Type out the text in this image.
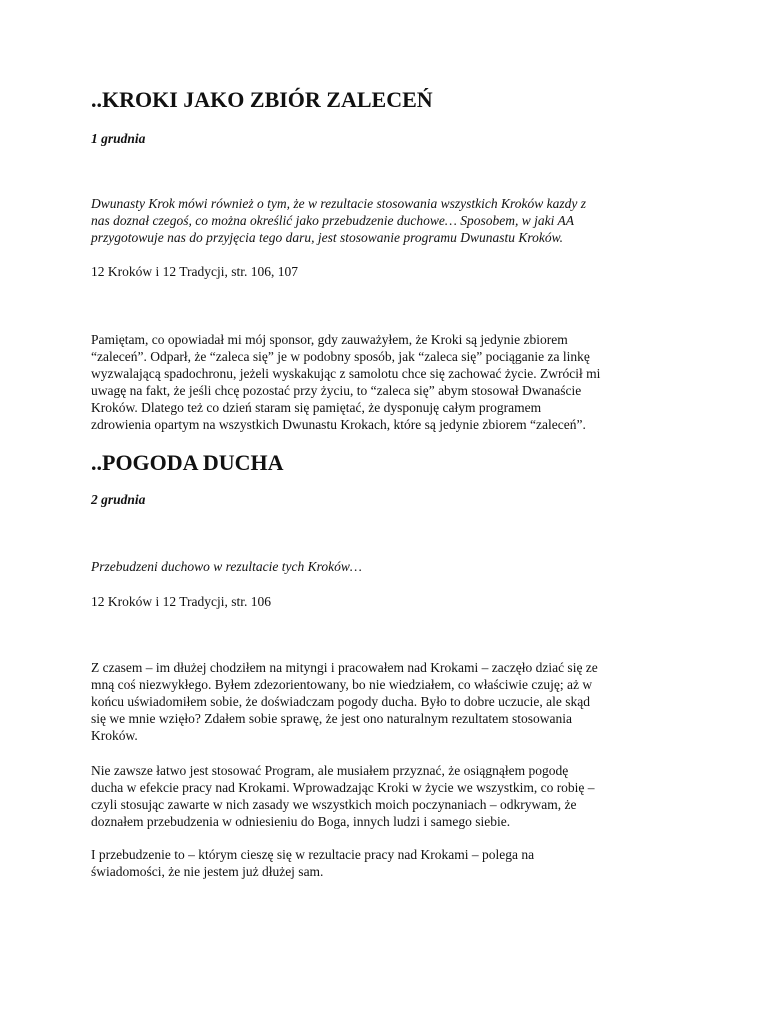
..KROKI JAKO ZBIÓR ZALECEŃ

1 grudnia

Dwunasty Krok mówi również o tym, że w rezultacie stosowania wszystkich Kroków kazdy z

nas doznał czegoś, co można określić jako przebudzenie duchowe… Sposobem, w jaki AA

przygotowuje nas do przyjęcia tego daru, jest stosowanie programu Dwunastu Kroków.

12 Kroków i 12 Tradycji, str. 106, 107

Pamiętam, co opowiadał mi mój sponsor, gdy zauważyłem, że Kroki są jedynie zbiorem

“zaleceń”. Odparł, że “zaleca się” je w podobny sposób, jak “zaleca się” pociąganie za linkę

wyzwalającą spadochronu, jeżeli wyskakując z samolotu chce się zachować życie. Zwrócił mi

uwagę na fakt, że jeśli chcę pozostać przy życiu, to “zaleca się” abym stosował Dwanaście

Kroków. Dlatego też co dzień staram się pamiętać, że dysponuję całym programem

zdrowienia opartym na wszystkich Dwunastu Krokach, które są jedynie zbiorem “zaleceń”.

..POGODA DUCHA

2 grudnia

Przebudzeni duchowo w rezultacie tych Kroków…

12 Kroków i 12 Tradycji, str. 106

Z czasem – im dłużej chodziłem na mityngi i pracowałem nad Krokami – zaczęło dziać się ze

mną coś niezwykłego. Byłem zdezorientowany, bo nie wiedziałem, co właściwie czuję; aż w

końcu uświadomiłem sobie, że doświadczam pogody ducha. Było to dobre uczucie, ale skąd

się we mnie wzięło? Zdałem sobie sprawę, że jest ono naturalnym rezultatem stosowania

Kroków.

Nie zawsze łatwo jest stosować Program, ale musiałem przyznać, że osiągnąłem pogodę

ducha w efekcie pracy nad Krokami. Wprowadzając Kroki w życie we wszystkim, co robię –

czyli stosując zawarte w nich zasady we wszystkich moich poczynaniach – odkrywam, że

doznałem przebudzenia w odniesieniu do Boga, innych ludzi i samego siebie.

I przebudzenie to – którym cieszę się w rezultacie pracy nad Krokami – polega na

świadomości, że nie jestem już dłużej sam.
